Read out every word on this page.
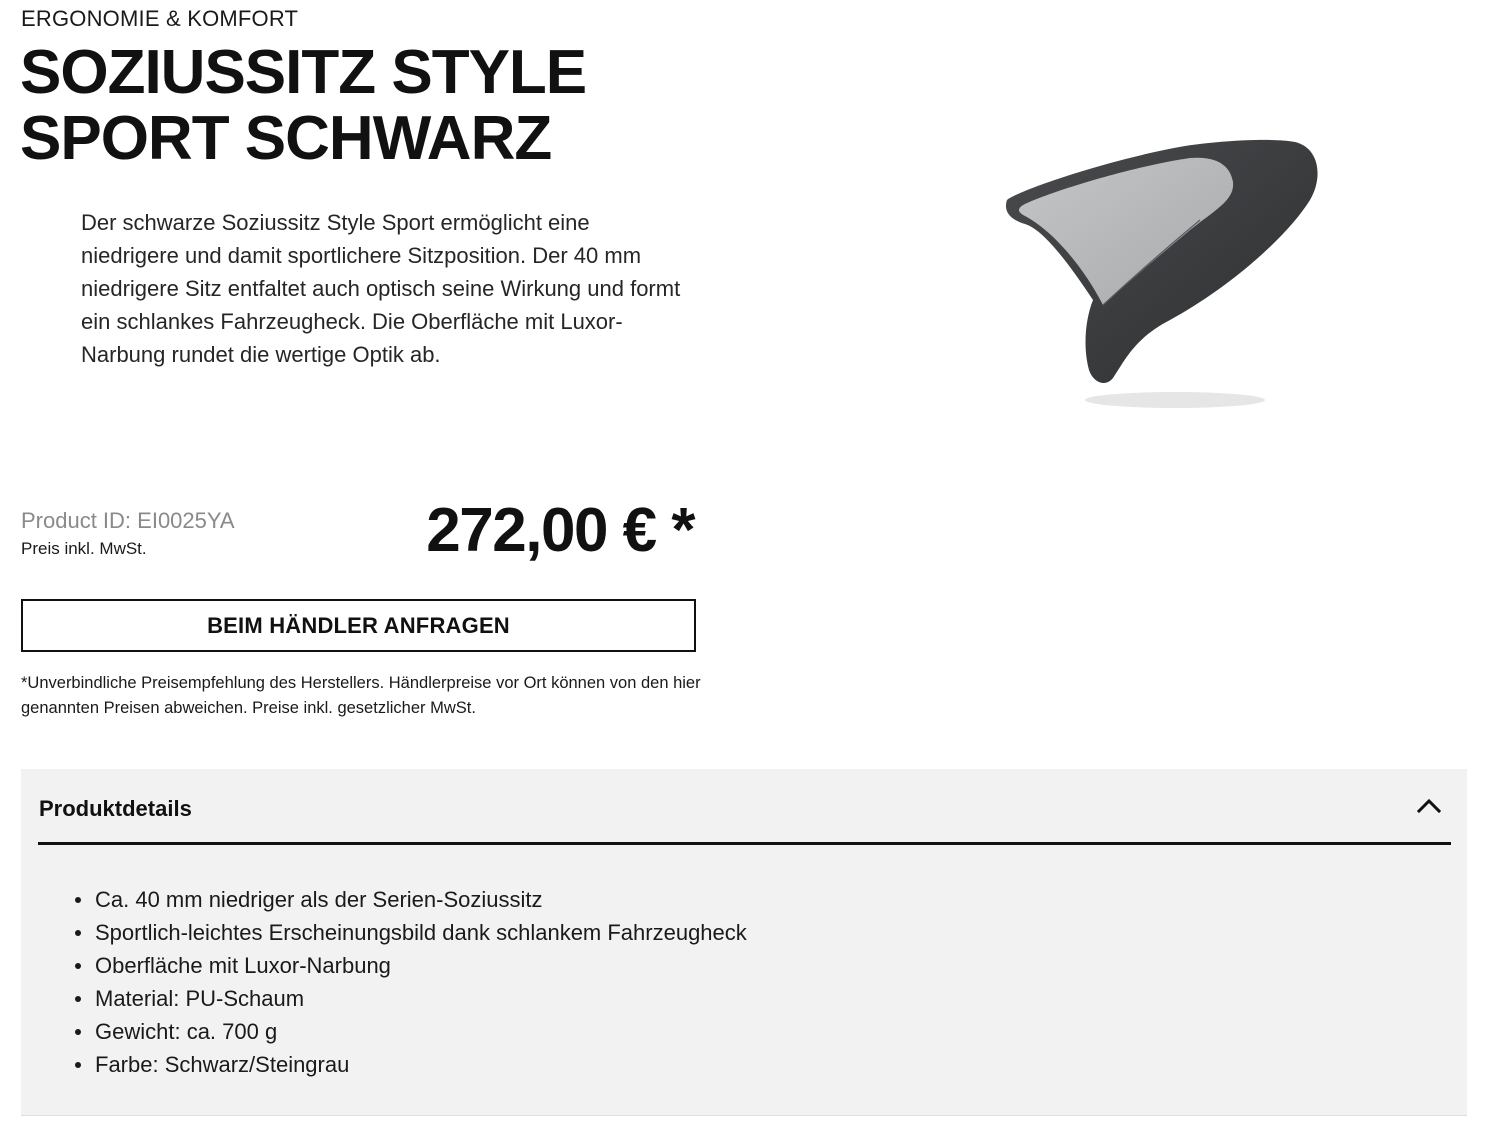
ERGONOMIE & KOMFORT
SOZIUSSITZ STYLE
SPORT SCHWARZ

Der schwarze Soziussitz Style Sport ermöglicht eine niedrigere und damit sportlichere Sitzposition. Der 40 mm niedrigere Sitz entfaltet auch optisch seine Wirkung und formt ein schlankes Fahrzeugheck. Die Oberfläche mit Luxor-Narbung rundet die wertige Optik ab.

Product ID: EI0025YA
Preis inkl. MwSt.	272,00 € *
BEIM HÄNDLER ANFRAGEN

*Unverbindliche Preisempfehlung des Herstellers. Händlerpreise vor Ort können von den hier genannten Preisen abweichen. Preise inkl. gesetzlicher MwSt.

Produktdetails
Ca. 40 mm niedriger als der Serien-Soziussitz
Sportlich-leichtes Erscheinungsbild dank schlankem Fahrzeugheck
Oberfläche mit Luxor-Narbung
Material: PU-Schaum
Gewicht: ca. 700 g
Farbe: Schwarz/Steingrau
